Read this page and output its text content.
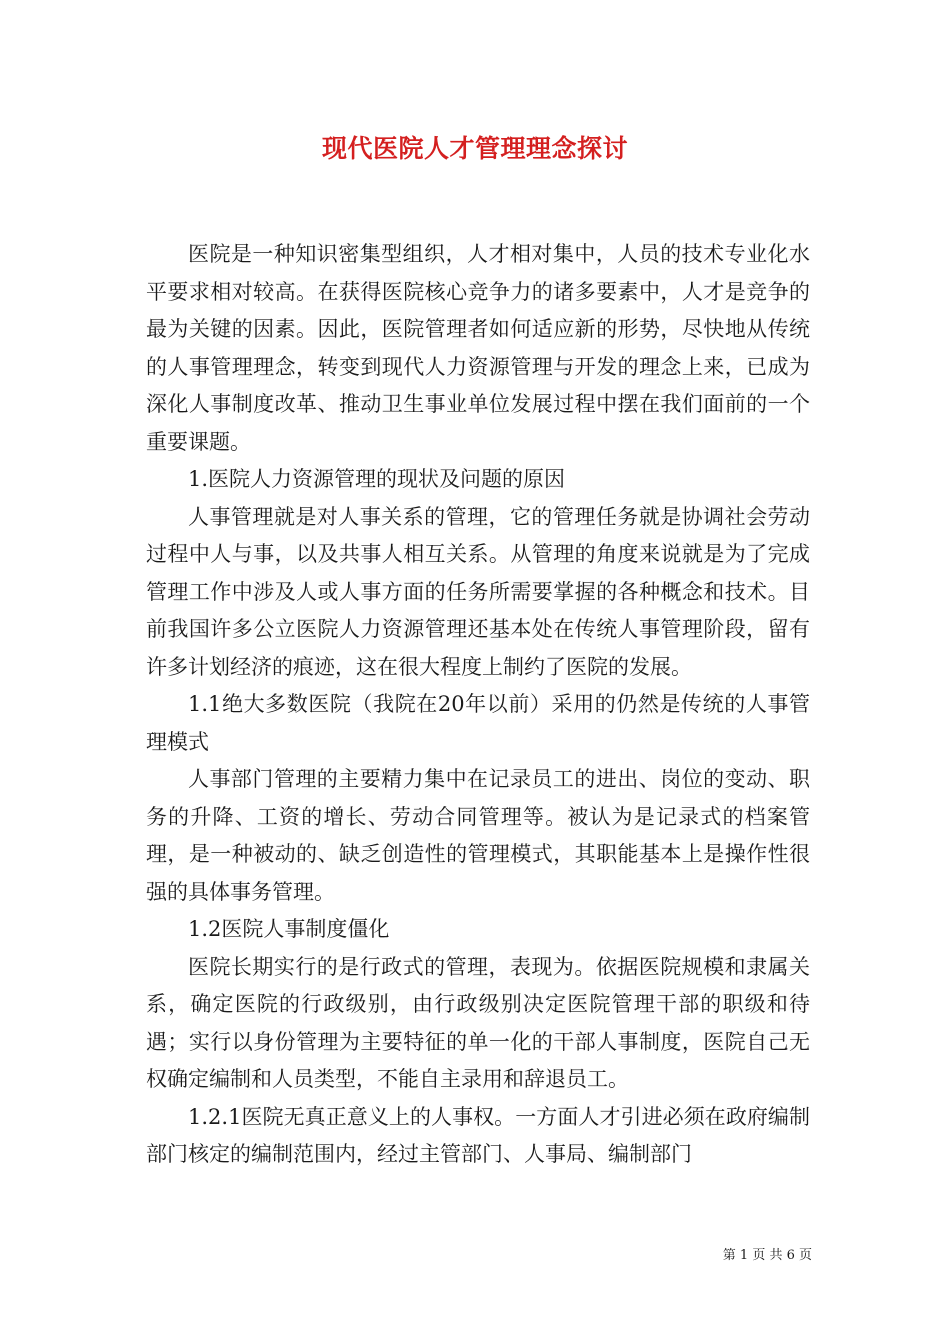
现代医院人才管理理念探讨

医院是一种知识密集型组织，人才相对集中，人员的技术专业化水平要求相对较高。在获得医院核心竞争力的诸多要素中，人才是竞争的最为关键的因素。因此，医院管理者如何适应新的形势，尽快地从传统的人事管理理念，转变到现代人力资源管理与开发的理念上来，已成为深化人事制度改革、推动卫生事业单位发展过程中摆在我们面前的一个重要课题。

1.医院人力资源管理的现状及问题的原因

人事管理就是对人事关系的管理，它的管理任务就是协调社会劳动过程中人与事，以及共事人相互关系。从管理的角度来说就是为了完成管理工作中涉及人或人事方面的任务所需要掌握的各种概念和技术。目前我国许多公立医院人力资源管理还基本处在传统人事管理阶段，留有许多计划经济的痕迹，这在很大程度上制约了医院的发展。

1.1绝大多数医院（我院在20年以前）采用的仍然是传统的人事管理模式

人事部门管理的主要精力集中在记录员工的进出、岗位的变动、职务的升降、工资的增长、劳动合同管理等。被认为是记录式的档案管理，是一种被动的、缺乏创造性的管理模式，其职能基本上是操作性很强的具体事务管理。

1.2医院人事制度僵化

医院长期实行的是行政式的管理，表现为。依据医院规模和隶属关系，确定医院的行政级别，由行政级别决定医院管理干部的职级和待遇；实行以身份管理为主要特征的单一化的干部人事制度，医院自己无权确定编制和人员类型，不能自主录用和辞退员工。

1.2.1医院无真正意义上的人事权。一方面人才引进必须在政府编制部门核定的编制范围内，经过主管部门、人事局、编制部门

第 1 页 共 6 页
